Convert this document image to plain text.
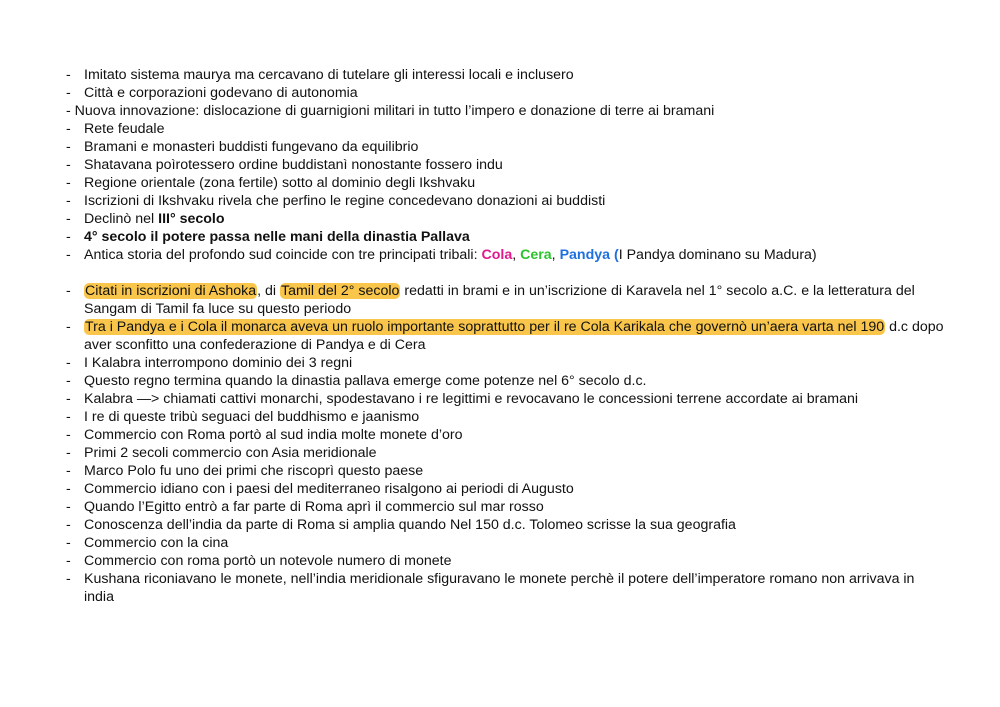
- Imitato sistema maurya ma cercavano di tutelare gli interessi locali e inclusero
- Città e corporazioni godevano di autonomia
- Nuova innovazione: dislocazione di guarnigioni militari in tutto l’impero e donazione di terre ai bramani
- Rete feudale
- Bramani e monasteri buddisti fungevano da equilibrio
- Shatavana poìrotessero ordine buddistanì nonostante fossero indu
- Regione orientale (zona fertile) sotto al dominio degli Ikshvaku
- Iscrizioni di Ikshvaku rivela che perfino le regine concedevano donazioni ai buddisti
- Declinò nel III° secolo
- 4° secolo il potere passa nelle mani della dinastia Pallava
- Antica storia del profondo sud coincide con tre principati tribali: Cola, Cera, Pandya (I Pandya dominano su Madura)
-	Citati in iscrizioni di Ashoka, di Tamil del 2° secolo redatti in brami e in un’iscrizione di Karavela nel 1° secolo a.C. e la letteratura del Sangam di Tamil fa luce su questo periodo
-	Tra i Pandya e i Cola il monarca aveva un ruolo importante soprattutto per il re Cola Karikala che governò un’aera varta nel 190 d.c dopo aver sconfitto una confederazione di Pandya e di Cera
- I Kalabra interrompono dominio dei 3 regni
- Questo regno termina quando la dinastia pallava emerge come potenze nel 6° secolo d.c.
- Kalabra —> chiamati cattivi monarchi, spodestavano i re legittimi e revocavano le concessioni terrene accordate ai bramani
- I re di queste tribù seguaci del buddhismo e jaanismo
- Commercio con Roma portò al sud india molte monete d’oro
- Primi 2 secoli commercio con Asia meridionale
- Marco Polo fu uno dei primi che riscoprì questo paese
- Commercio idiano con i paesi del mediterraneo risalgono ai periodi di Augusto
- Quando l’Egitto entrò a far parte di Roma aprì il commercio sul mar rosso
- Conoscenza dell’india da parte di Roma si amplia quando Nel 150 d.c. Tolomeo scrisse la sua geografia
- Commercio con la cina
- Commercio con roma portò un notevole numero di monete
- Kushana riconiavano le monete, nell’india meridionale sfiguravano le monete perchè il potere dell’imperatore romano non arrivava in india
